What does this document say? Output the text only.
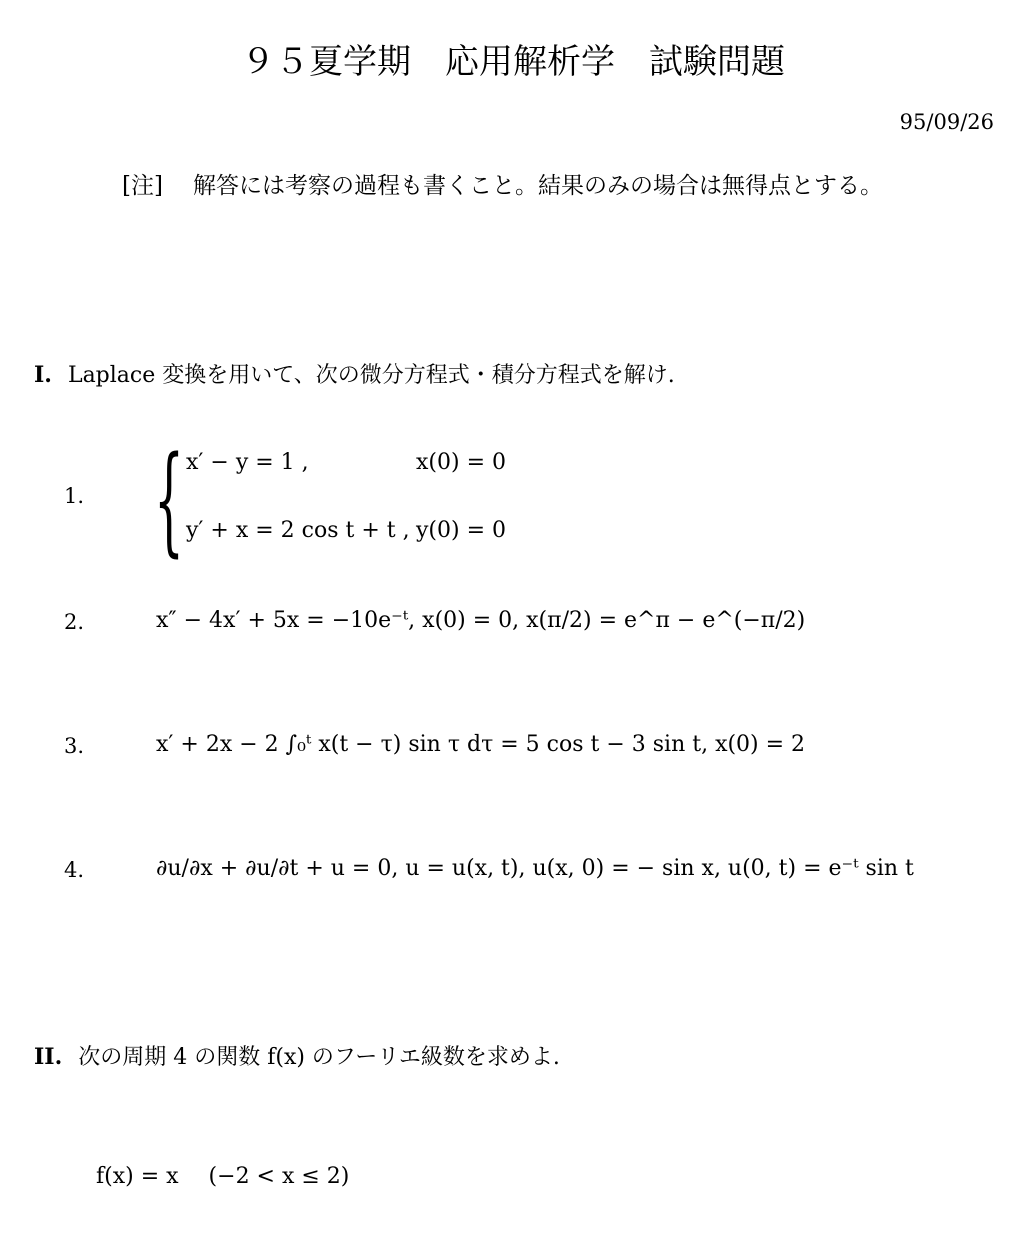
９５夏学期　応用解析学　試験問題
95/09/26
[注] 解答には考察の過程も書くこと。結果のみの場合は無得点とする。
I. Laplace 変換を用いて、次の微分方程式・積分方程式を解け.
1. { x′ − y = 1 ,	x(0) = 0
y′ + x = 2 cos t + t , y(0) = 0
2.	x″ − 4x′ + 5x = −10e⁻ᵗ, x(0) = 0, x(π/2) = e^π − e^(−π/2)
3.	x′ + 2x − 2 ∫₀ᵗ x(t − τ) sin τ dτ = 5 cos t − 3 sin t, x(0) = 2
4.	∂u/∂x + ∂u/∂t + u = 0, u = u(x, t), u(x, 0) = − sin x, u(0, t) = e⁻ᵗ sin t
II. 次の周期 4 の関数 f(x) のフーリエ級数を求めよ.
f(x) = x (−2 < x ≤ 2)
